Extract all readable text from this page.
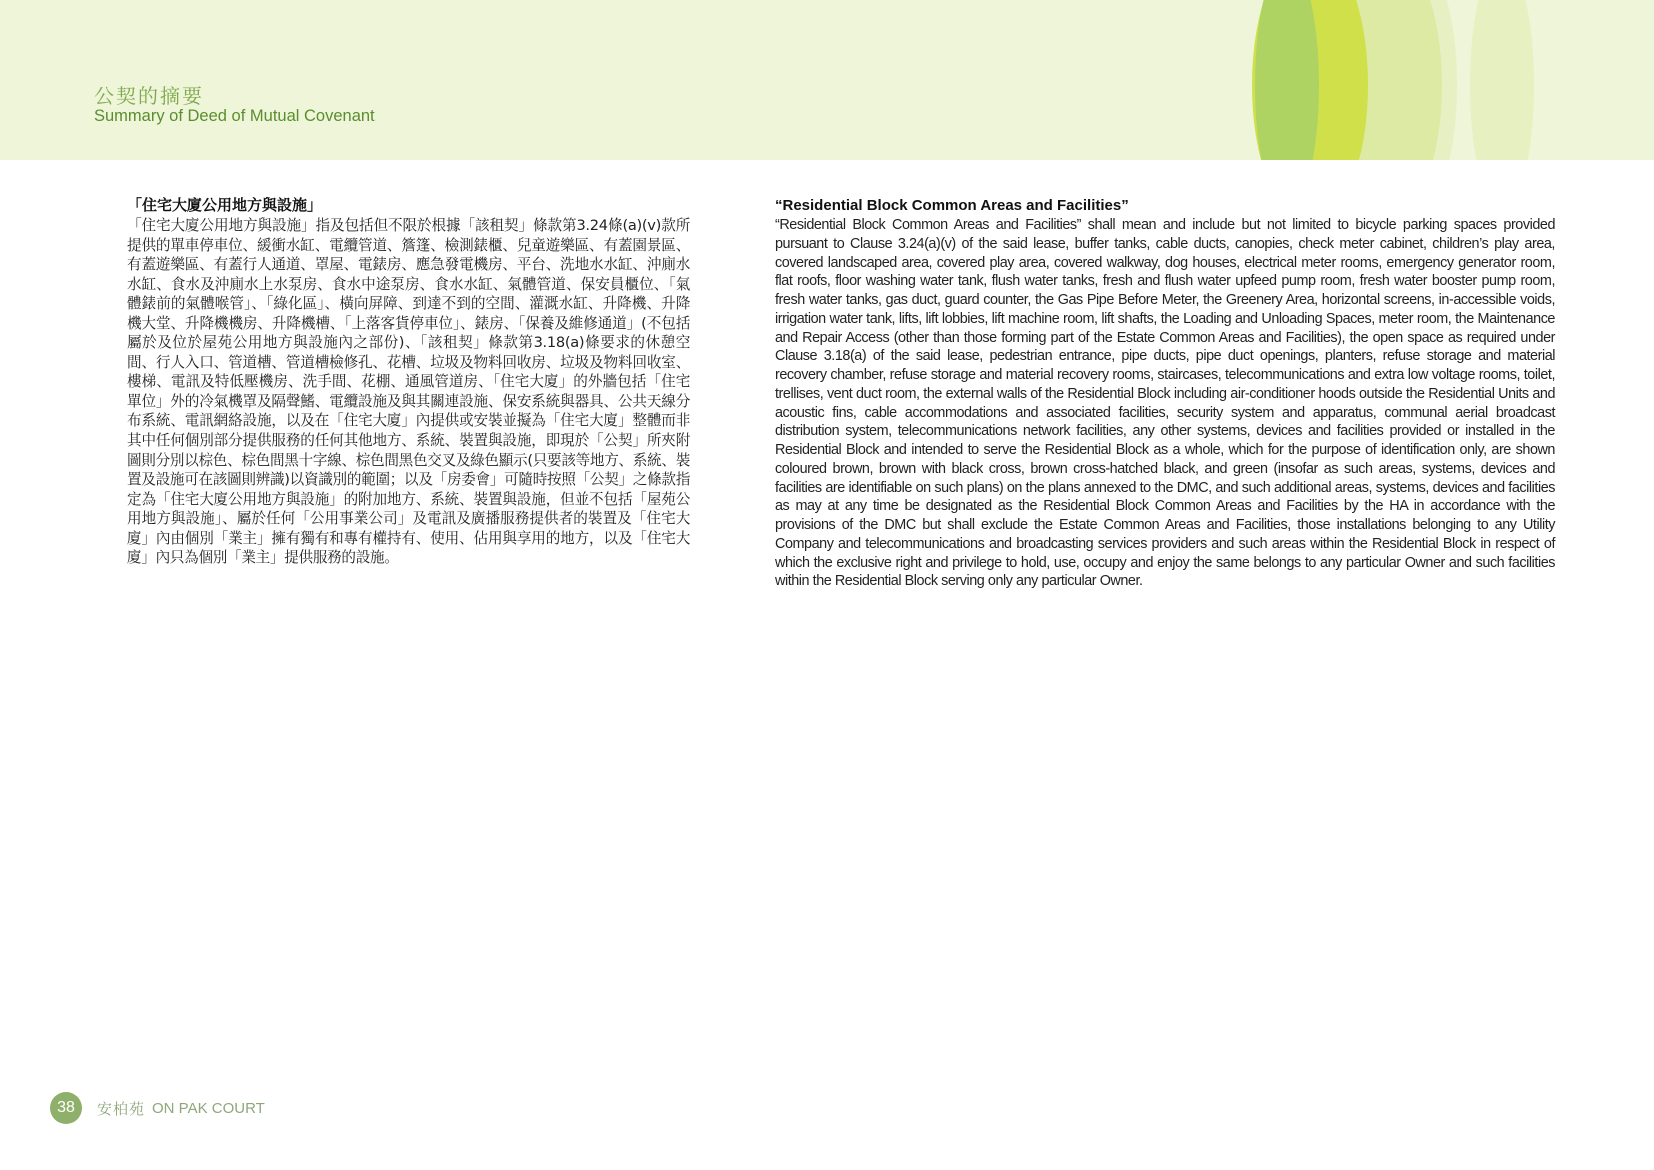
公契的摘要
Summary of Deed of Mutual Covenant
「住宅大廈公用地方與設施」

「住宅大廈公用地方與設施」指及包括但不限於根據「該租契」條款第3.24條(a)(v)款所提供的單車停車位、緩衝水缸、電纜管道、簷篷、檢測錶櫃、兒童遊樂區、有蓋園景區、有蓋遊樂區、有蓋行人通道、罩屋、電錶房、應急發電機房、平台、洗地水水缸、沖廁水水缸、食水及沖廁水上水泵房、食水中途泵房、食水水缸、氣體管道、保安員櫃位、「氣體錶前的氣體喉管」、「綠化區」、橫向屏障、到達不到的空間、灌溉水缸、升降機、升降機大堂、升降機機房、升降機槽、「上落客貨停車位」、錶房、「保養及維修通道」(不包括屬於及位於屋苑公用地方與設施內之部份)、「該租契」條款第3.18(a)條要求的休憩空間、行人入口、管道槽、管道槽檢修孔、花槽、垃圾及物料回收房、垃圾及物料回收室、樓梯、電訊及特低壓機房、洗手間、花棚、通風管道房、「住宅大廈」的外牆包括「住宅單位」外的冷氣機罩及隔聲鰭、電纜設施及與其關連設施、保安系統與器具、公共天線分布系統、電訊網絡設施，以及在「住宅大廈」內提供或安裝並擬為「住宅大廈」整體而非其中任何個別部分提供服務的任何其他地方、系統、裝置與設施，即現於「公契」所夾附圖則分別以棕色、棕色間黑十字線、棕色間黑色交叉及綠色顯示(只要該等地方、系統、裝置及設施可在該圖則辨識)以資識別的範圍；以及「房委會」可隨時按照「公契」之條款指定為「住宅大廈公用地方與設施」的附加地方、系統、裝置與設施，但並不包括「屋苑公用地方與設施」、屬於任何「公用事業公司」及電訊及廣播服務提供者的裝置及「住宅大廈」內由個別「業主」擁有獨有和專有權持有、使用、佔用與享用的地方，以及「住宅大廈」內只為個別「業主」提供服務的設施。

“Residential Block Common Areas and Facilities”

“Residential Block Common Areas and Facilities” shall mean and include but not limited to bicycle parking spaces provided pursuant to Clause 3.24(a)(v) of the said lease, buffer tanks, cable ducts, canopies, check meter cabinet, children’s play area, covered landscaped area, covered play area, covered walkway, dog houses, electrical meter rooms, emergency generator room, flat roofs, floor washing water tank, flush water tanks, fresh and flush water upfeed pump room, fresh water booster pump room, fresh water tanks, gas duct, guard counter, the Gas Pipe Before Meter, the Greenery Area, horizontal screens, in-accessible voids, irrigation water tank, lifts, lift lobbies, lift machine room, lift shafts, the Loading and Unloading Spaces, meter room, the Maintenance and Repair Access (other than those forming part of the Estate Common Areas and Facilities), the open space as required under Clause 3.18(a) of the said lease, pedestrian entrance, pipe ducts, pipe duct openings, planters, refuse storage and material recovery chamber, refuse storage and material recovery rooms, staircases, telecommunications and extra low voltage rooms, toilet, trellises, vent duct room, the external walls of the Residential Block including air-conditioner hoods outside the Residential Units and acoustic fins, cable accommodations and associated facilities, security system and apparatus, communal aerial broadcast distribution system, telecommunications network facilities, any other systems, devices and facilities provided or installed in the Residential Block and intended to serve the Residential Block as a whole, which for the purpose of identification only, are shown coloured brown, brown with black cross, brown cross-hatched black, and green (insofar as such areas, systems, devices and facilities are identifiable on such plans) on the plans annexed to the DMC, and such additional areas, systems, devices and facilities as may at any time be designated as the Residential Block Common Areas and Facilities by the HA in accordance with the provisions of the DMC but shall exclude the Estate Common Areas and Facilities, those installations belonging to any Utility Company and telecommunications and broadcasting services providers and such areas within the Residential Block in respect of which the exclusive right and privilege to hold, use, occupy and enjoy the same belongs to any particular Owner and such facilities within the Residential Block serving only any particular Owner.

38	安柏苑 ON PAK COURT
